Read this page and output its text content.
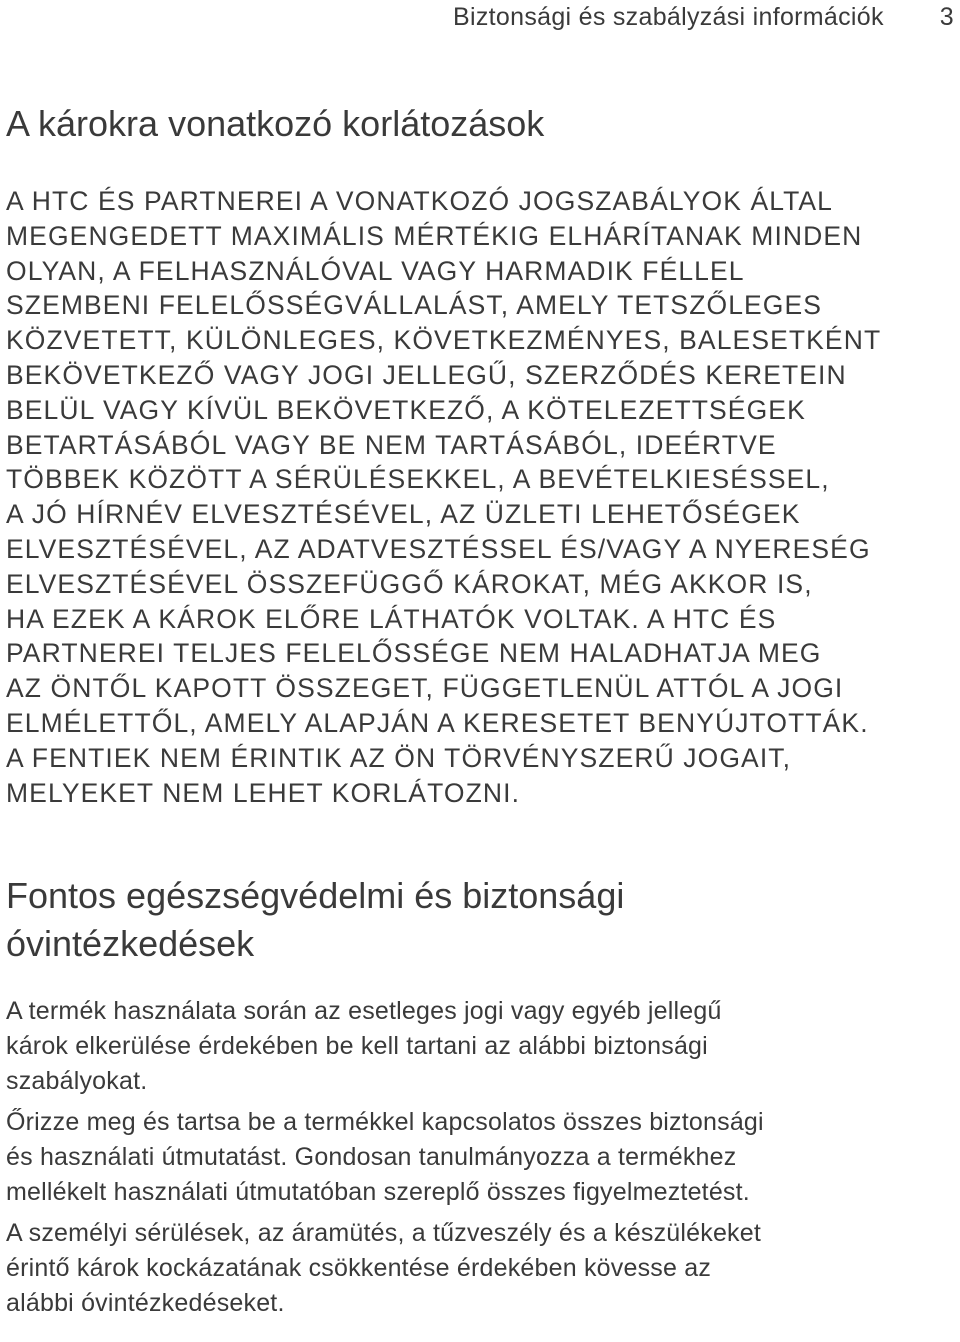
Biztonsági és szabályzási információk 3
A károkra vonatkozó korlátozások

A HTC ÉS PARTNEREI A VONATKOZÓ JOGSZABÁLYOK ÁLTAL
MEGENGEDETT MAXIMÁLIS MÉRTÉKIG ELHÁRÍTANAK MINDEN
OLYAN, A FELHASZNÁLÓVAL VAGY HARMADIK FÉLLEL
SZEMBENI FELELŐSSÉGVÁLLALÁST, AMELY TETSZŐLEGES
KÖZVETETT, KÜLÖNLEGES, KÖVETKEZMÉNYES, BALESETKÉNT
BEKÖVETKEZŐ VAGY JOGI JELLEGŰ, SZERZŐDÉS KERETEIN
BELÜL VAGY KÍVÜL BEKÖVETKEZŐ, A KÖTELEZETTSÉGEK
BETARTÁSÁBÓL VAGY BE NEM TARTÁSÁBÓL, IDEÉRTVE
TÖBBEK KÖZÖTT A SÉRÜLÉSEKKEL, A BEVÉTELKIESÉSSEL,
A JÓ HÍRNÉV ELVESZTÉSÉVEL, AZ ÜZLETI LEHETŐSÉGEK
ELVESZTÉSÉVEL, AZ ADATVESZTÉSSEL ÉS/VAGY A NYERESÉG
ELVESZTÉSÉVEL ÖSSZEFÜGGŐ KÁROKAT, MÉG AKKOR IS,
HA EZEK A KÁROK ELŐRE LÁTHATÓK VOLTAK. A HTC ÉS
PARTNEREI TELJES FELELŐSSÉGE NEM HALADHATJA MEG
AZ ÖNTŐL KAPOTT ÖSSZEGET, FÜGGETLENÜL ATTÓL A JOGI
ELMÉLETTŐL, AMELY ALAPJÁN A KERESETET BENYÚJTOTTÁK.
A FENTIEK NEM ÉRINTIK AZ ÖN TÖRVÉNYSZERŰ JOGAIT,
MELYEKET NEM LEHET KORLÁTOZNI.

Fontos egészségvédelmi és biztonsági
óvintézkedések

A termék használata során az esetleges jogi vagy egyéb jellegű
károk elkerülése érdekében be kell tartani az alábbi biztonsági
szabályokat.

Őrizze meg és tartsa be a termékkel kapcsolatos összes biztonsági
és használati útmutatást. Gondosan tanulmányozza a termékhez
mellékelt használati útmutatóban szereplő összes figyelmeztetést.

A személyi sérülések, az áramütés, a tűzveszély és a készülékeket
érintő károk kockázatának csökkentése érdekében kövesse az
alábbi óvintézkedéseket.
